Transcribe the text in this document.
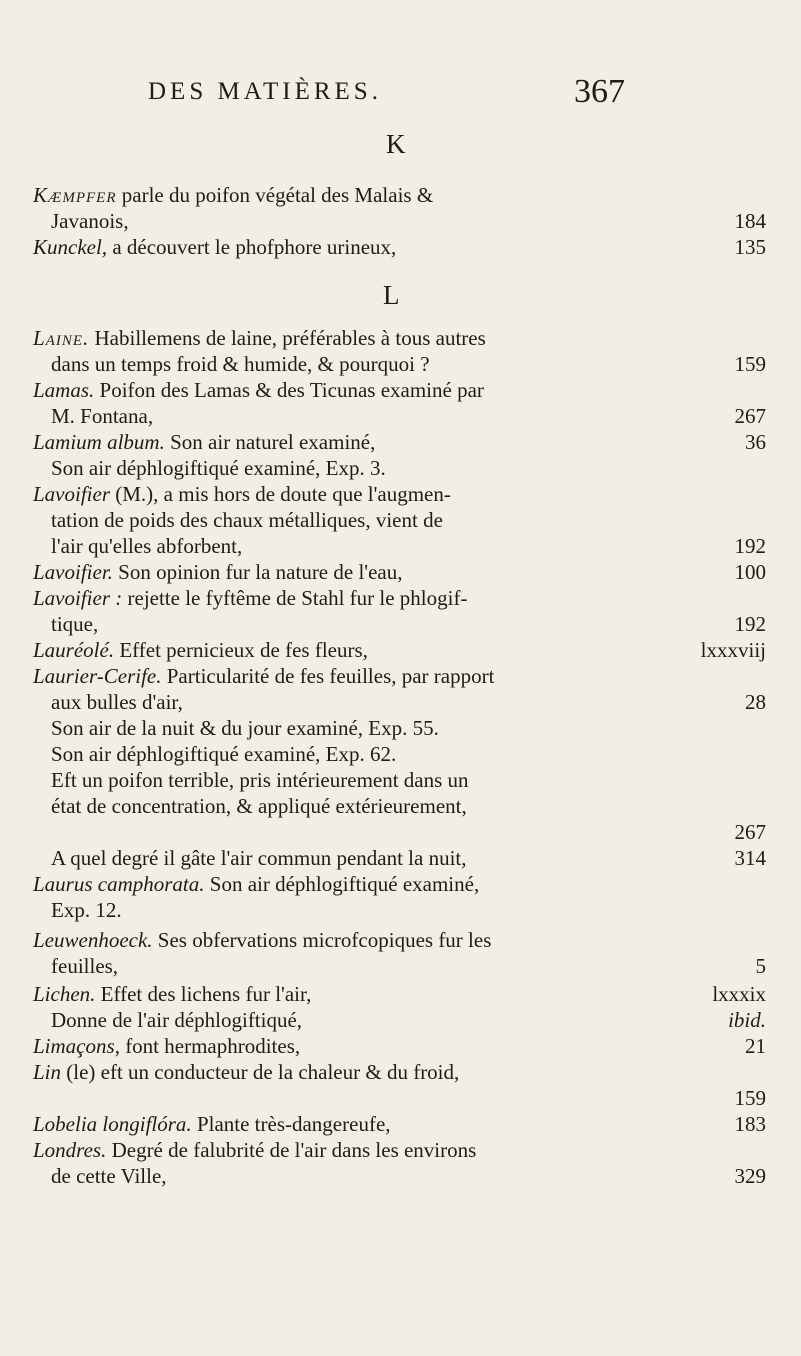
DES MATIÈRES.	367
K
Kæmpfer parle du poifon végétal des Malais &
Javanois,	184
Kunckel, a découvert le phofphore urineux,	135
L
Laine. Habillemens de laine, préférables à tous autres
dans un temps froid & humide, & pourquoi ?	159
Lamas. Poifon des Lamas & des Ticunas examiné par
M. Fontana,	267
Lamium album. Son air naturel examiné,	36
Son air déphlogiftiqué examiné, Exp. 3.
Lavoifier (M.), a mis hors de doute que l'augmen-
tation de poids des chaux métalliques, vient de
l'air qu'elles abforbent,	192
Lavoifier. Son opinion fur la nature de l'eau,	100
Lavoifier : rejette le fyftême de Stahl fur le phlogif-
tique,	192
Lauréolé. Effet pernicieux de fes fleurs,	lxxxviij
Laurier-Cerife. Particularité de fes feuilles, par rapport
aux bulles d'air,	28
Son air de la nuit & du jour examiné, Exp. 55.
Son air déphlogiftiqué examiné, Exp. 62.
Eft un poifon terrible, pris intérieurement dans un
état de concentration, & appliqué extérieurement,
267
A quel degré il gâte l'air commun pendant la nuit,	314
Laurus camphorata. Son air déphlogiftiqué examiné,
Exp. 12.
Leuwenhoeck. Ses obfervations microfcopiques fur les
feuilles,	5
Lichen. Effet des lichens fur l'air,	lxxxix
Donne de l'air déphlogiftiqué,	ibid.
Limaçons, font hermaphrodites,	21
Lin (le) eft un conducteur de la chaleur & du froid,
159
Lobelia longiflóra. Plante très-dangereufe,	183
Londres. Degré de falubrité de l'air dans les environs
de cette Ville,	329
